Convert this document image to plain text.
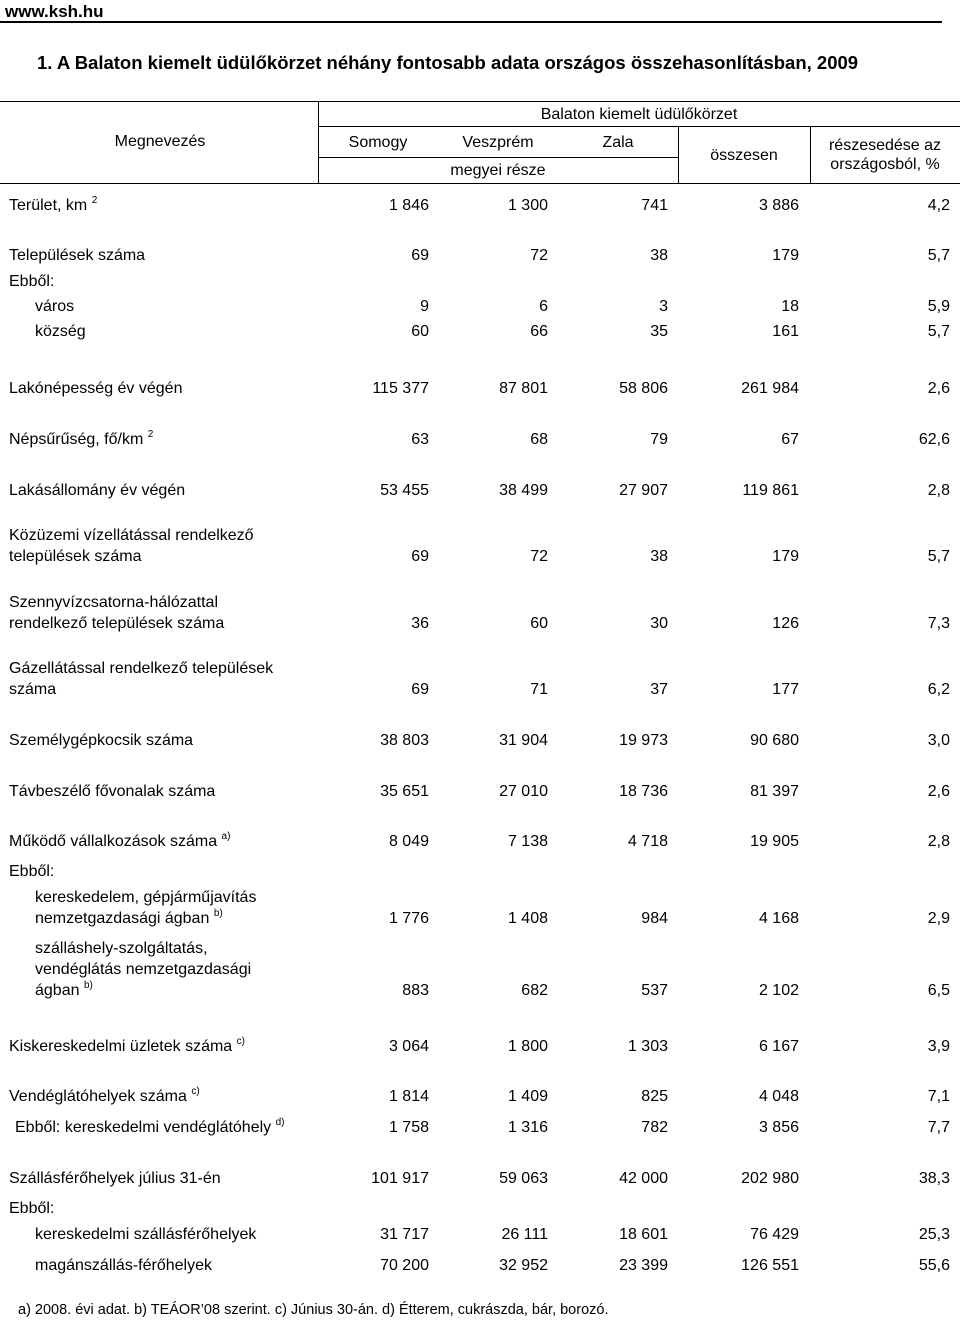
www.ksh.hu
1. A Balaton kiemelt üdülőkörzet néhány fontosabb adata országos összehasonlításban, 2009
Megnevezés
Balaton kiemelt üdülőkörzet
Somogy	Veszprém	Zala
megyei része
összesen
részesedése az
országosból, %
Terület, km $^2$	1 846	1 300	741	3 886	4,2
Települések száma	69	72	38	179	5,7
Ebből:
város	9	6	3	18	5,9
község	60	66	35	161	5,7
Lakónépesség év végén	115 377	87 801	58 806	261 984	2,6
Népsűrűség, fő/km $^2$	63	68	79	67	62,6
Lakásállomány év végén	53 455	38 499	27 907	119 861	2,8
Közüzemi vízellátással rendelkező
települések száma	69	72	38	179	5,7
Szennyvízcsatorna-hálózattal
rendelkező települések száma	36	60	30	126	7,3
Gázellátással rendelkező települések
száma	69	71	37	177	6,2
Személygépkocsik száma	38 803	31 904	19 973	90 680	3,0
Távbeszélő fővonalak száma	35 651	27 010	18 736	81 397	2,6
Működő vállalkozások száma $^{a)}$	8 049	7 138	4 718	19 905	2,8
Ebből:
kereskedelem, gépjárműjavítás
nemzetgazdasági ágban $^{b)}$	1 776	1 408	984	4 168	2,9
szálláshely-szolgáltatás,
vendéglátás nemzetgazdasági
ágban $^{b)}$	883	682	537	2 102	6,5
Kiskereskedelmi üzletek száma $^{c)}$	3 064	1 800	1 303	6 167	3,9
Vendéglátóhelyek száma $^{c)}$	1 814	1 409	825	4 048	7,1
Ebből: kereskedelmi vendéglátóhely $^{d)}$	1 758	1 316	782	3 856	7,7
Szállásférőhelyek július 31-én	101 917	59 063	42 000	202 980	38,3
Ebből:
kereskedelmi szállásférőhelyek	31 717	26 111	18 601	76 429	25,3
magánszállás-férőhelyek	70 200	32 952	23 399	126 551	55,6
a) 2008. évi adat. b) TEÁOR’08 szerint. c) Június 30-án. d) Étterem, cukrászda, bár, borozó.
